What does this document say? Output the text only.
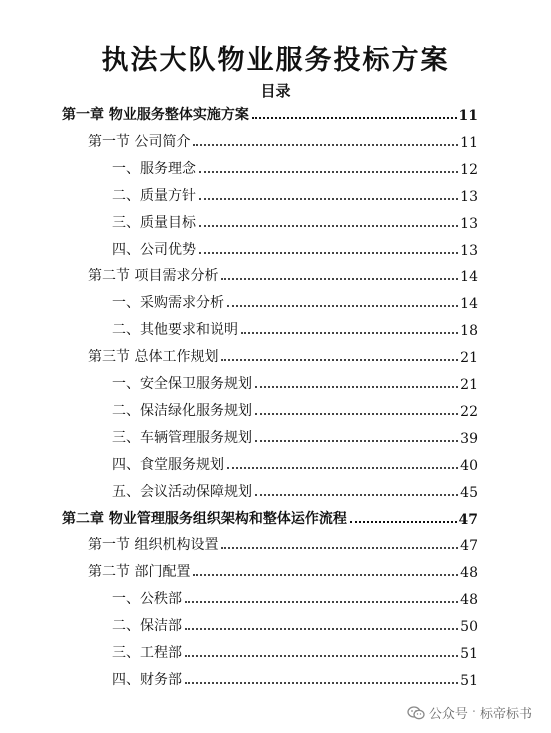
执法大队物业服务投标方案
目录
第一章 物业服务整体实施方案	11
第一节 公司简介	11
一、服务理念	12
二、质量方针	13
三、质量目标	13
四、公司优势	13
第二节 项目需求分析	14
一、采购需求分析	14
二、其他要求和说明	18
第三节 总体工作规划	21
一、安全保卫服务规划	21
二、保洁绿化服务规划	22
三、车辆管理服务规划	39
四、食堂服务规划	40
五、会议活动保障规划	45
第二章 物业管理服务组织架构和整体运作流程	47
第一节 组织机构设置	47
第二节 部门配置	48
一、公秩部	48
二、保洁部	50
三、工程部	51
四、财务部	51
公众号 · 标帝标书
